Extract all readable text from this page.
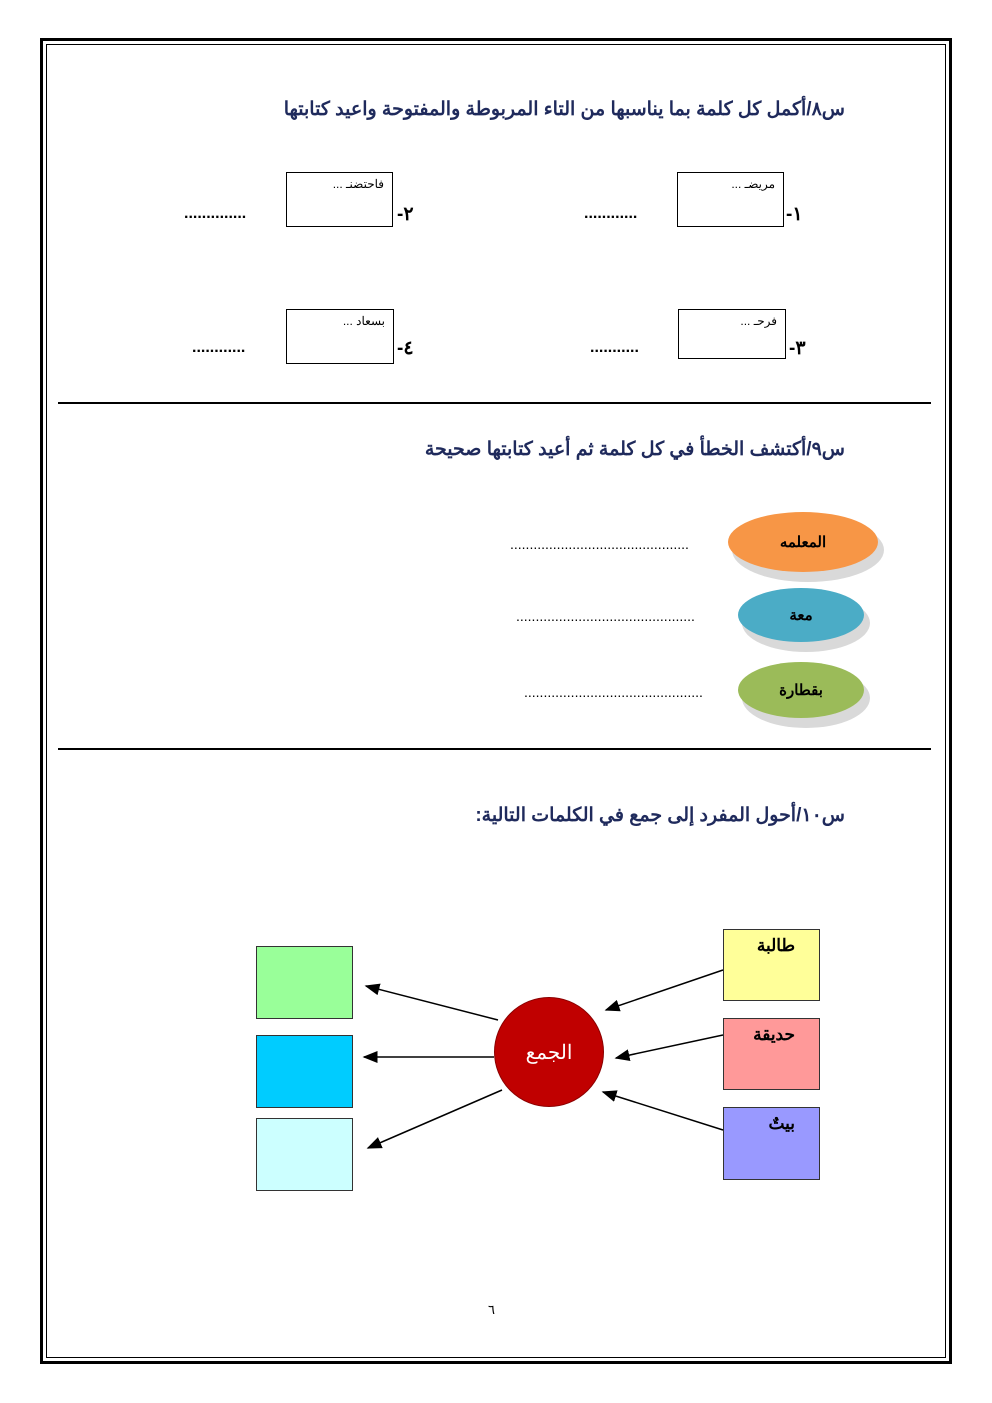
س٨/أكمل كل كلمة بما يناسبها من التاء المربوطة والمفتوحة واعيد كتابتها
١-
مريضـ ...
............
٢-
فاحتضنـ ...
..............
٣-
فرحـ ...
...........
٤-
بسعاد ...
............
س٩/أكتشف الخطأ في كل كلمة ثم أعيد كتابتها صحيحة
المعلمه
..............................................
معة
..............................................
بقطارة
..............................................
س١٠/أحول المفرد إلى جمع في الكلمات التالية:
طالبة
حديقة
بيتٌ
الجمع
٦
